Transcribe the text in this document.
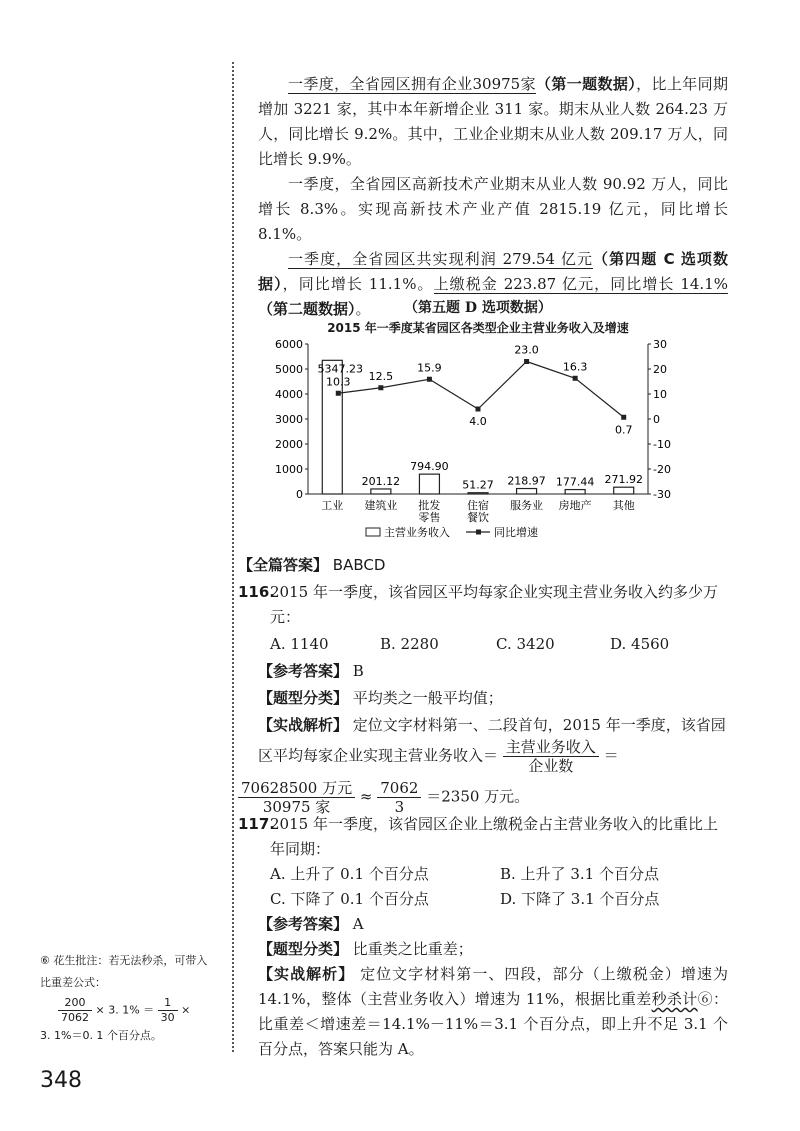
一季度，全省园区拥有企业30975家（第一题数据），比上年同期增加 3221 家，其中本年新增企业 311 家。期末从业人数 264.23 万人，同比增长 9.2%。其中，工业企业期末从业人数 209.17 万人，同比增长 9.9%。

一季度，全省园区高新技术产业期末从业人数 90.92 万人，同比增长 8.3%。实现高新技术产业产值 2815.19 亿元，同比增长 8.1%。

一季度，全省园区共实现利润 279.54 亿元（第四题 C 选项数据），同比增长 11.1%。上缴税金 223.87 亿元，同比增长 14.1%（第二题数据）。	（第五题 D 选项数据）
2015 年一季度某省园区各类型企业主营业务收入及增速
0
1000
2000
3000
4000
5000
6000	30
20
10
0
-10
-20
-30
5347.23
201.12
794.90
51.27 218.97 177.44 271.92
10.3 12.5
15.9
4.0
23.0
16.3
0.7
工业 建筑业 批发
零售
住宿
餐饮
服务业 房地产 其他
主营业务收入	同比增速
【全篇答案】 BABCD
116.
2015 年一季度，该省园区平均每家企业实现主营业务收入约多少万元：
A. 1140	B. 2280	C. 3420	D. 4560
【参考答案】 B
【题型分类】 平均类之一般平均值；
【实战解析】 定位文字材料第一、二段首句，2015 年一季度，该省园区平均每家企业实现主营业务收入＝ $\frac{\text{主营业务收入}}{\text{企业数}}$ ＝
$\frac{\text{70628500 万元}}{\text{30975 家}} \approx \frac{7062}{3} =2350$ 万元。
117.
2015 年一季度，该省园区企业上缴税金占主营业务收入的比重比上年同期：
A. 上升了 0.1 个百分点	B. 上升了 3.1 个百分点
C. 下降了 0.1 个百分点	D. 下降了 3.1 个百分点
【参考答案】 A
【题型分类】 比重类之比重差；
【实战解析】 定位文字材料第一、四段，部分（上缴税金）增速为 14.1%，整体（主营业务收入）增速为 11%，根据比重差秒杀计⑥：比重差＜增速差＝14.1%－11%＝3.1 个百分点，即上升不足 3.1 个百分点，答案只能为 A。
⑥ 花生批注：若无法秒杀，可带入比重差公式：
$\frac{200}{7062} \times 3$. $1\% = \frac{1}{30}$ ×
3. 1%＝0. 1 个百分点。
348
